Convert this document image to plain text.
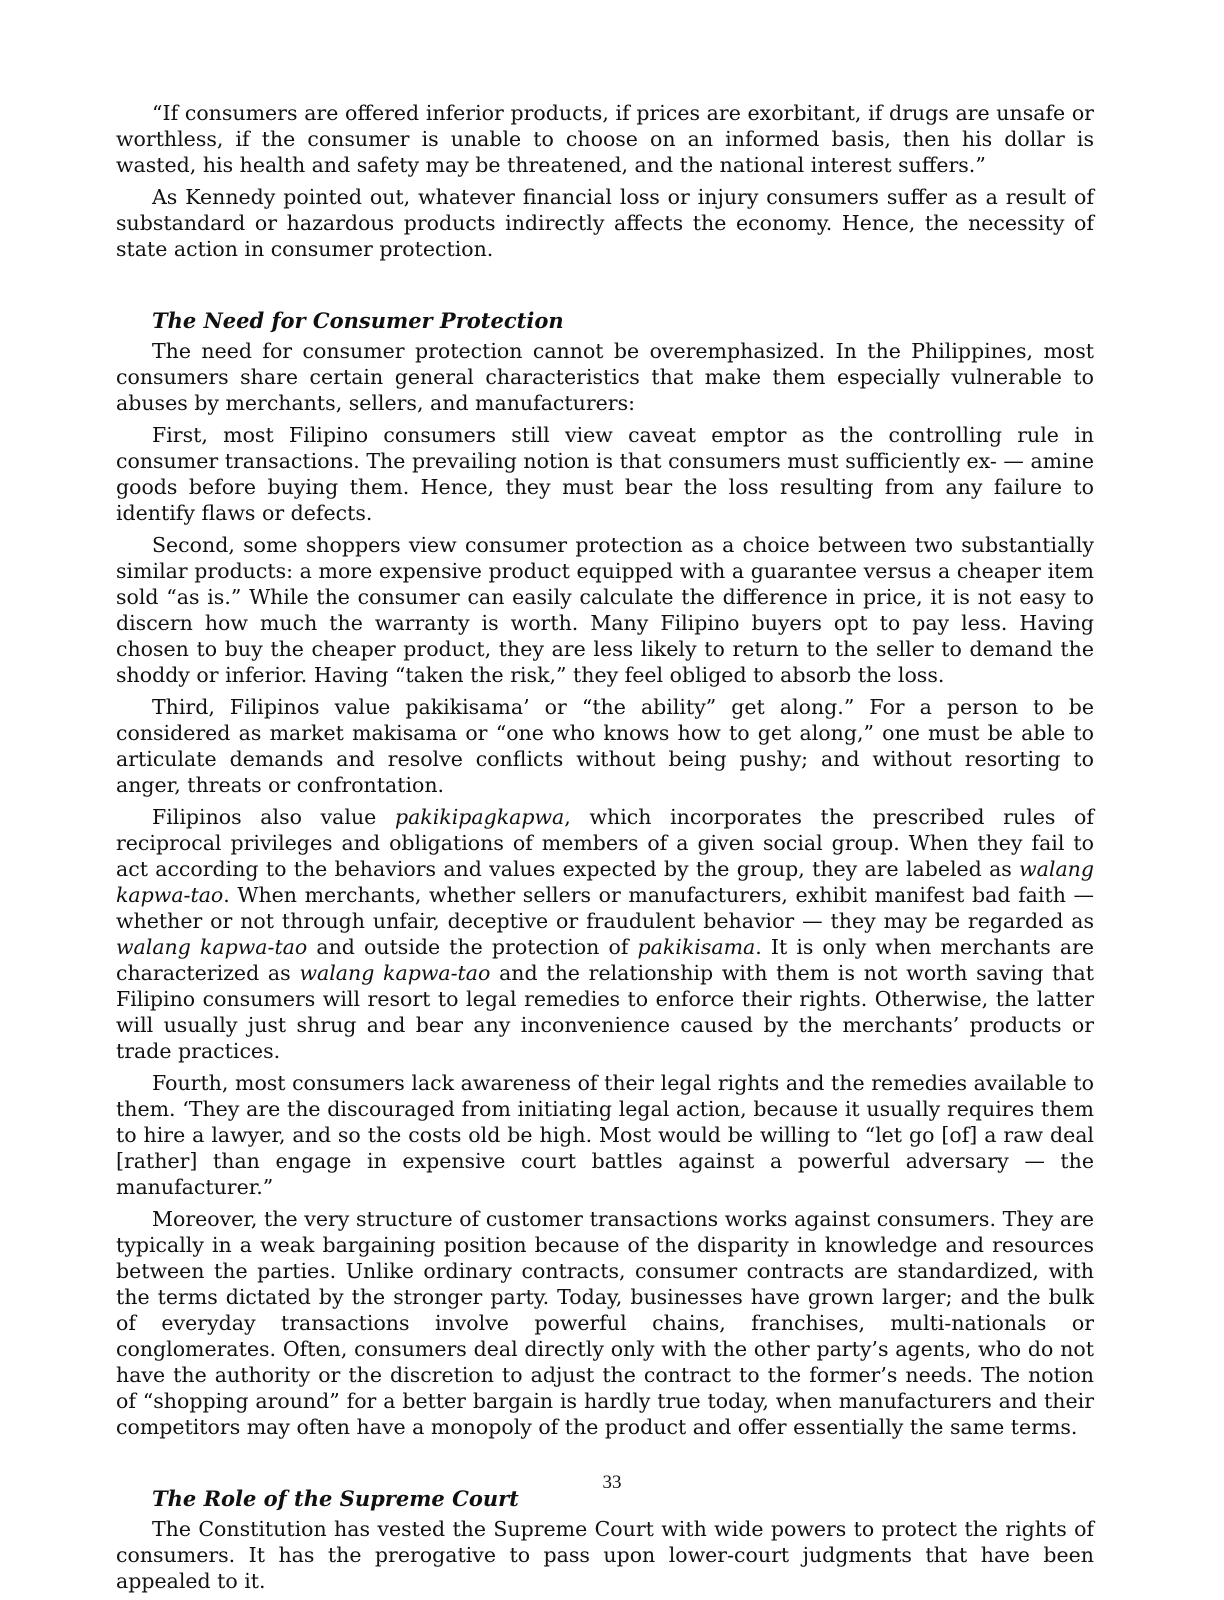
“If consumers are offered inferior products, if prices are exorbitant, if drugs are unsafe or worthless, if the consumer is unable to choose on an informed basis, then his dollar is wasted, his health and safety may be threatened, and the national interest suffers.”

As Kennedy pointed out, whatever financial loss or injury consumers suffer as a result of substandard or hazardous products indirectly affects the economy. Hence, the necessity of state action in consumer protection.

The Need for Consumer Protection

The need for consumer protection cannot be overemphasized. In the Philippines, most consumers share certain general characteristics that make them especially vulnerable to abuses by merchants, sellers, and manufacturers:

First, most Filipino consumers still view caveat emptor as the controlling rule in consumer transactions. The prevailing notion is that consumers must sufficiently ex- — amine goods before buying them. Hence, they must bear the loss resulting from any failure to identify flaws or defects.

Second, some shoppers view consumer protection as a choice between two substantially similar products: a more expensive product equipped with a guarantee versus a cheaper item sold “as is.” While the consumer can easily calculate the difference in price, it is not easy to discern how much the warranty is worth. Many Filipino buyers opt to pay less. Having chosen to buy the cheaper product, they are less likely to return to the seller to demand the shoddy or inferior. Having “taken the risk,” they feel obliged to absorb the loss.

Third, Filipinos value pakikisama’ or “the ability” get along.” For a person to be considered as market makisama or “one who knows how to get along,” one must be able to articulate demands and resolve conflicts without being pushy; and without resorting to anger, threats or confrontation.

Filipinos also value pakikipagkapwa, which incorporates the prescribed rules of reciprocal privileges and obligations of members of a given social group. When they fail to act according to the behaviors and values expected by the group, they are labeled as walang kapwa-tao. When merchants, whether sellers or manufacturers, exhibit manifest bad faith — whether or not through unfair, deceptive or fraudulent behavior — they may be regarded as walang kapwa-tao and outside the protection of pakikisama. It is only when merchants are characterized as walang kapwa-tao and the relationship with them is not worth saving that Filipino consumers will resort to legal remedies to enforce their rights. Otherwise, the latter will usually just shrug and bear any inconvenience caused by the merchants’ products or trade practices.

Fourth, most consumers lack awareness of their legal rights and the remedies available to them. ‘They are the discouraged from initiating legal action, because it usually requires them to hire a lawyer, and so the costs old be high. Most would be willing to “let go [of] a raw deal [rather] than engage in expensive court battles against a powerful adversary — the manufacturer.”

Moreover, the very structure of customer transactions works against consumers. They are typically in a weak bargaining position because of the disparity in knowledge and resources between the parties. Unlike ordinary contracts, consumer contracts are standardized, with the terms dictated by the stronger party. Today, businesses have grown larger; and the bulk of everyday transactions involve powerful chains, franchises, multi-nationals or conglomerates. Often, consumers deal directly only with the other party’s agents, who do not have the authority or the discretion to adjust the contract to the former’s needs. The notion of “shopping around” for a better bargain is hardly true today, when manufacturers and their competitors may often have a monopoly of the product and offer essentially the same terms.

The Role of the Supreme Court

The Constitution has vested the Supreme Court with wide powers to protect the rights of consumers. It has the prerogative to pass upon lower-court judgments that have been appealed to it.

33
